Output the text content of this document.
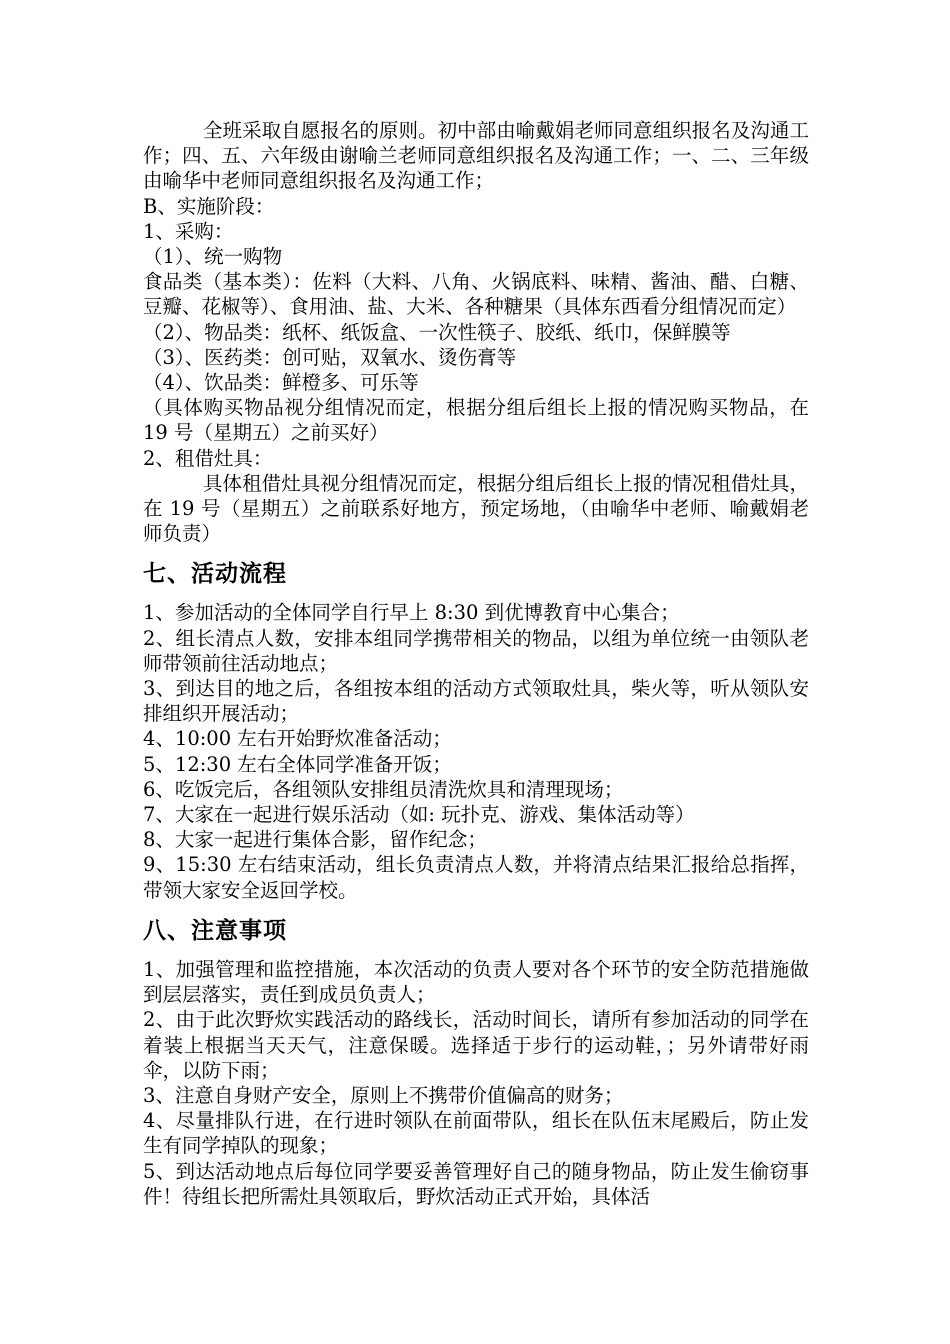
全班采取自愿报名的原则。初中部由喻戴娟老师同意组织报名及沟通工作；四、五、六年级由谢喻兰老师同意组织报名及沟通工作；一、二、三年级由喻华中老师同意组织报名及沟通工作；

B、实施阶段：

1、采购：

（1）、统一购物

食品类（基本类）：佐料（大料、八角、火锅底料、味精、酱油、醋、白糖、豆瓣、花椒等）、食用油、盐、大米、各种糖果（具体东西看分组情况而定）

（2）、物品类：纸杯、纸饭盒、一次性筷子、胶纸、纸巾，保鲜膜等

（3）、医药类：创可贴，双氧水、烫伤膏等

（4）、饮品类：鲜橙多、可乐等

（具体购买物品视分组情况而定，根据分组后组长上报的情况购买物品，在 19 号（星期五）之前买好）

2、租借灶具：

具体租借灶具视分组情况而定，根据分组后组长上报的情况租借灶具，在 19 号（星期五）之前联系好地方，预定场地，（由喻华中老师、喻戴娟老师负责）

七、活动流程

1、参加活动的全体同学自行早上 8:30 到优博教育中心集合；

2、组长清点人数，安排本组同学携带相关的物品，以组为单位统一由领队老师带领前往活动地点；

3、到达目的地之后，各组按本组的活动方式领取灶具，柴火等，听从领队安排组织开展活动；

4、10:00 左右开始野炊准备活动；

5、12:30 左右全体同学准备开饭；

6、吃饭完后，各组领队安排组员清洗炊具和清理现场；

7、大家在一起进行娱乐活动（如: 玩扑克、游戏、集体活动等）

8、大家一起进行集体合影，留作纪念；

9、15:30 左右结束活动，组长负责清点人数，并将清点结果汇报给总指挥，带领大家安全返回学校。

八、注意事项

1、加强管理和监控措施，本次活动的负责人要对各个环节的安全防范措施做到层层落实，责任到成员负责人；

2、由于此次野炊实践活动的路线长，活动时间长，请所有参加活动的同学在着装上根据当天天气，注意保暖。选择适于步行的运动鞋，；另外请带好雨伞，以防下雨；

3、注意自身财产安全，原则上不携带价值偏高的财务；

4、尽量排队行进，在行进时领队在前面带队，组长在队伍末尾殿后，防止发生有同学掉队的现象；

5、到达活动地点后每位同学要妥善管理好自己的随身物品，防止发生偷窃事件！待组长把所需灶具领取后，野炊活动正式开始，具体活
